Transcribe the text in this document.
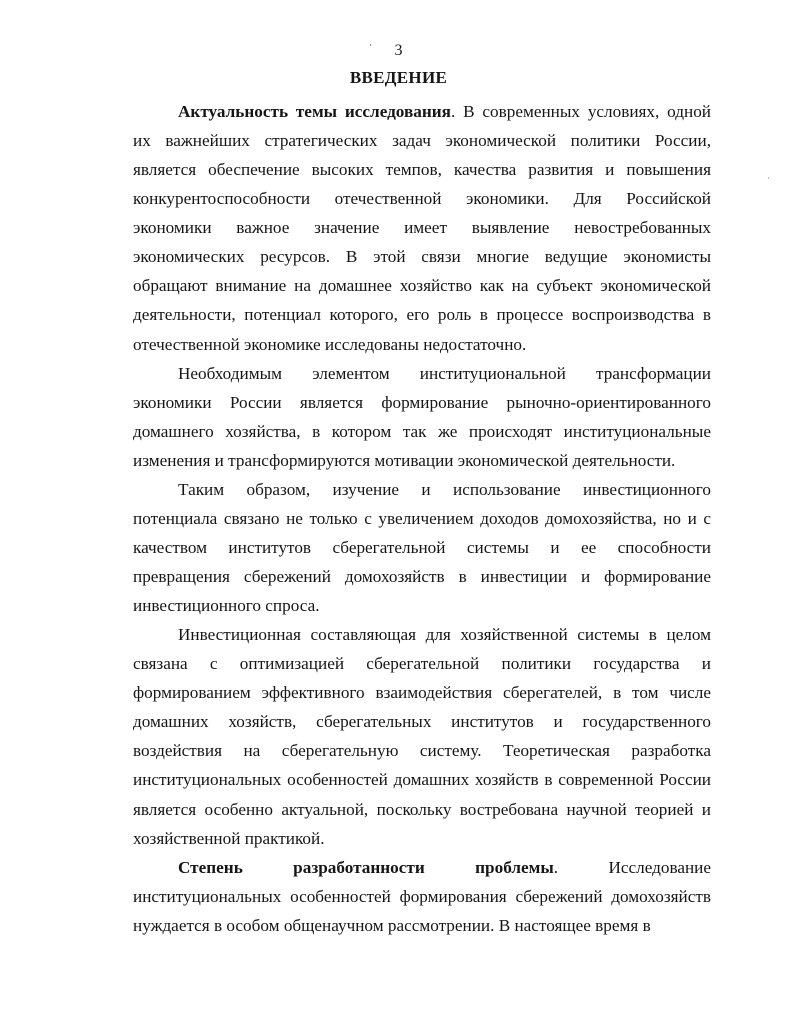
3
ВВЕДЕНИЕ
Актуальность темы исследования. В современных условиях, одной
их важнейших стратегических задач экономической политики России,
является обеспечение высоких темпов, качества развития и повышения
конкурентоспособности отечественной экономики. Для Российской
экономики важное значение имеет выявление невостребованных
экономических ресурсов. В этой связи многие ведущие экономисты
обращают внимание на домашнее хозяйство как на субъект экономической
деятельности, потенциал которого, его роль в процессе воспроизводства в
отечественной экономике исследованы недостаточно.
Необходимым элементом институциональной трансформации
экономики России является формирование рыночно-ориентированного
домашнего хозяйства, в котором так же происходят институциональные
изменения и трансформируются мотивации экономической деятельности.
Таким образом, изучение и использование инвестиционного
потенциала связано не только с увеличением доходов домохозяйства, но и с
качеством институтов сберегательной системы и ее способности
превращения сбережений домохозяйств в инвестиции и формирование
инвестиционного спроса.
Инвестиционная составляющая для хозяйственной системы в целом
связана с оптимизацией сберегательной политики государства и
формированием эффективного взаимодействия сберегателей, в том числе
домашних хозяйств, сберегательных институтов и государственного
воздействия на сберегательную систему. Теоретическая разработка
институциональных особенностей домашних хозяйств в современной России
является особенно актуальной, поскольку востребована научной теорией и
хозяйственной практикой.
Степень разработанности проблемы. Исследование
институциональных особенностей формирования сбережений домохозяйств
нуждается в особом общенаучном рассмотрении. В настоящее время в
